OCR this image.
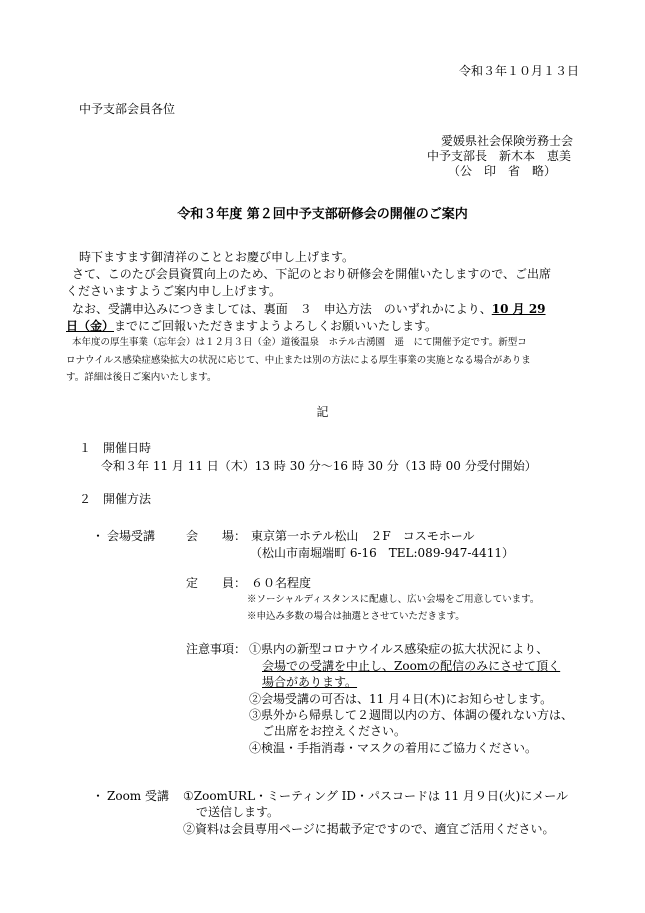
令和３年１０月１３日
中予支部会員各位
愛媛県社会保険労務士会
中予支部長　新木本　恵美
（公　印　省　略）
令和３年度 第２回中予支部研修会の開催のご案内
時下ますます御清祥のこととお慶び申し上げます。
さて、このたび会員資質向上のため、下記のとおり研修会を開催いたしますので、ご出席
くださいますようご案内申し上げます。
なお、受講申込みにつきましては、裏面　３　申込方法　のいずれかにより、10 月 29
日（金）までにご回報いただきますようよろしくお願いいたします。
本年度の厚生事業（忘年会）は１２月３日（金）道後温泉　ホテル古湧園　遥　にて開催予定です。新型コ
ロナウイルス感染症感染拡大の状況に応じて、中止または別の方法による厚生事業の実施となる場合がありま
す。詳細は後日ご案内いたします。
記
１　開催日時
令和３年 11 月 11 日（木）13 時 30 分～16 時 30 分（13 時 00 分受付開始）
２　開催方法
・ 会場受講	会　　場： 東京第一ホテル松山　２F　コスモホール
（松山市南堀端町 6-16　TEL:089-947-4411）
定　　員： ６０名程度
※ソーシャルディスタンスに配慮し、広い会場をご用意しています。
※申込み多数の場合は抽選とさせていただきます。
注意事項： ①県内の新型コロナウイルス感染症の拡大状況により、
会場での受講を中止し、Zoomの配信のみにさせて頂く
場合があります。
②会場受講の可否は、11 月４日(木)にお知らせします。
③県外から帰県して２週間以内の方、体調の優れない方は、
ご出席をお控えください。
④検温・手指消毒・マスクの着用にご協力ください。
・ Zoom 受講 ①ZoomURL・ミーティング ID・パスコードは 11 月９日(火)にメール
で送信します。
②資料は会員専用ページに掲載予定ですので、適宜ご活用ください。
